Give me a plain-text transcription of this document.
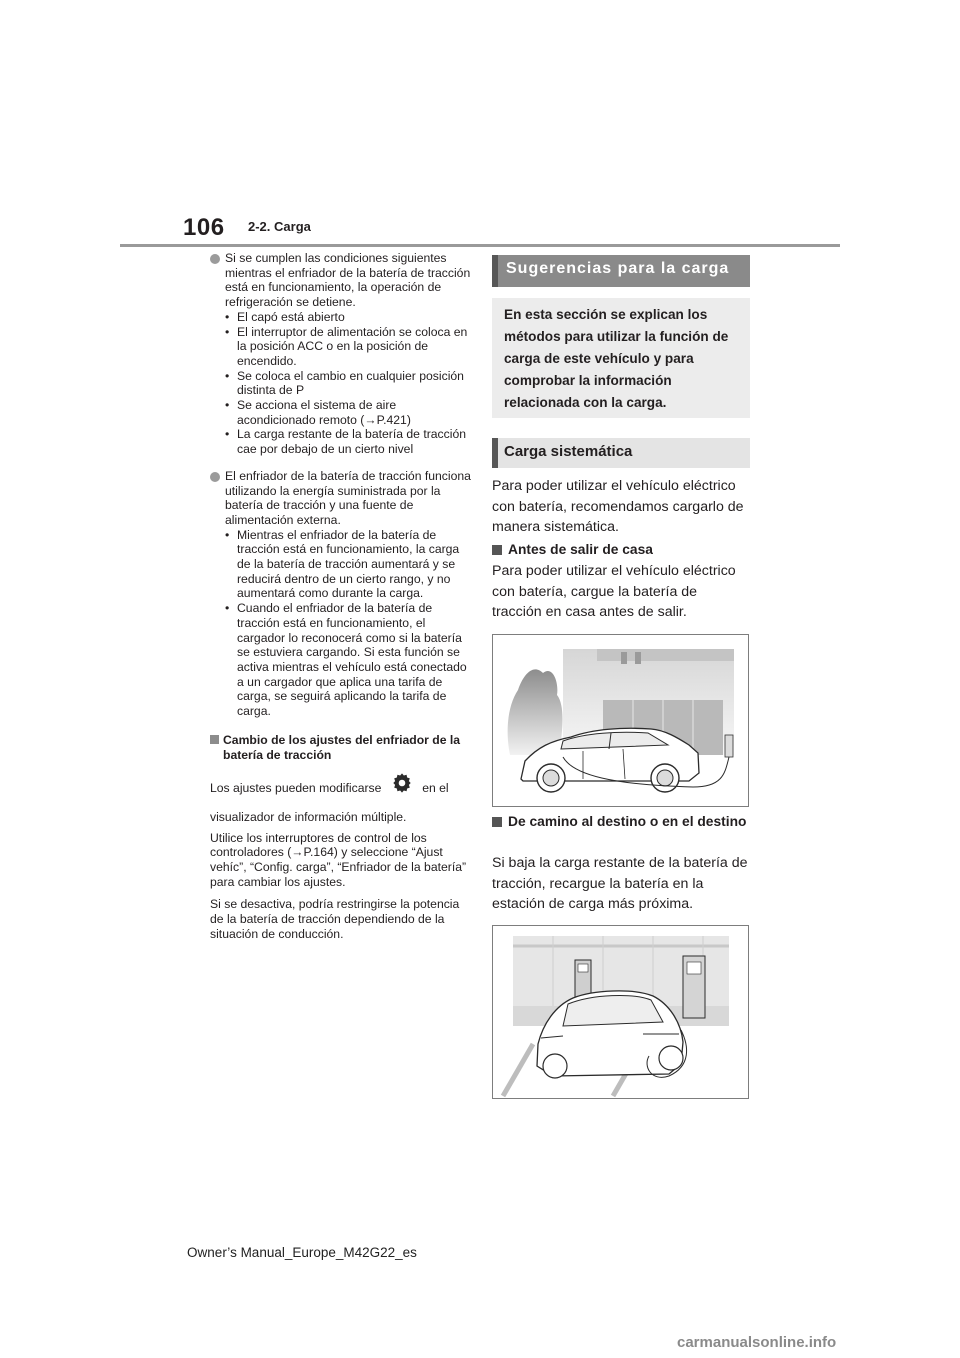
106 2-2. Carga
Si se cumplen las condiciones siguientes mientras el enfriador de la batería de tracción está en funcionamiento, la operación de refrigeración se detiene.
• El capó está abierto
• El interruptor de alimentación se coloca en la posición ACC o en la posición de encendido.
• Se coloca el cambio en cualquier posición distinta de P
• Se acciona el sistema de aire acondicionado remoto (→P.421)
• La carga restante de la batería de tracción cae por debajo de un cierto nivel
El enfriador de la batería de tracción funciona utilizando la energía suministrada por la batería de tracción y una fuente de alimentación externa.
• Mientras el enfriador de la batería de tracción está en funcionamiento, la carga de la batería de tracción aumentará y se reducirá dentro de un cierto rango, y no aumentará como durante la carga.
• Cuando el enfriador de la batería de tracción está en funcionamiento, el cargador lo reconocerá como si la batería se estuviera cargando. Si esta función se activa mientras el vehículo está conectado a un cargador que aplica una tarifa de carga, se seguirá aplicando la tarifa de carga.
Cambio de los ajustes del enfriador de la batería de tracción
Los ajustes pueden modificarse	en el
visualizador de información múltiple.
Utilice los interruptores de control de los controladores (→P.164) y seleccione “Ajust vehíc”, “Config. carga”, “Enfriador de la batería” para cambiar los ajustes.
Si se desactiva, podría restringirse la potencia de la batería de tracción dependiendo de la situación de conducción.
Sugerencias para la carga
En esta sección se explican los métodos para utilizar la función de carga de este vehículo y para comprobar la información relacionada con la carga.
Carga sistemática
Para poder utilizar el vehículo eléctrico con batería, recomendamos cargarlo de manera sistemática.
Antes de salir de casa
Para poder utilizar el vehículo eléctrico con batería, cargue la batería de tracción en casa antes de salir.
De camino al destino o en el destino
Si baja la carga restante de la batería de tracción, recargue la batería en la estación de carga más próxima.
Owner’s Manual_Europe_M42G22_es
carmanualsonline.info
